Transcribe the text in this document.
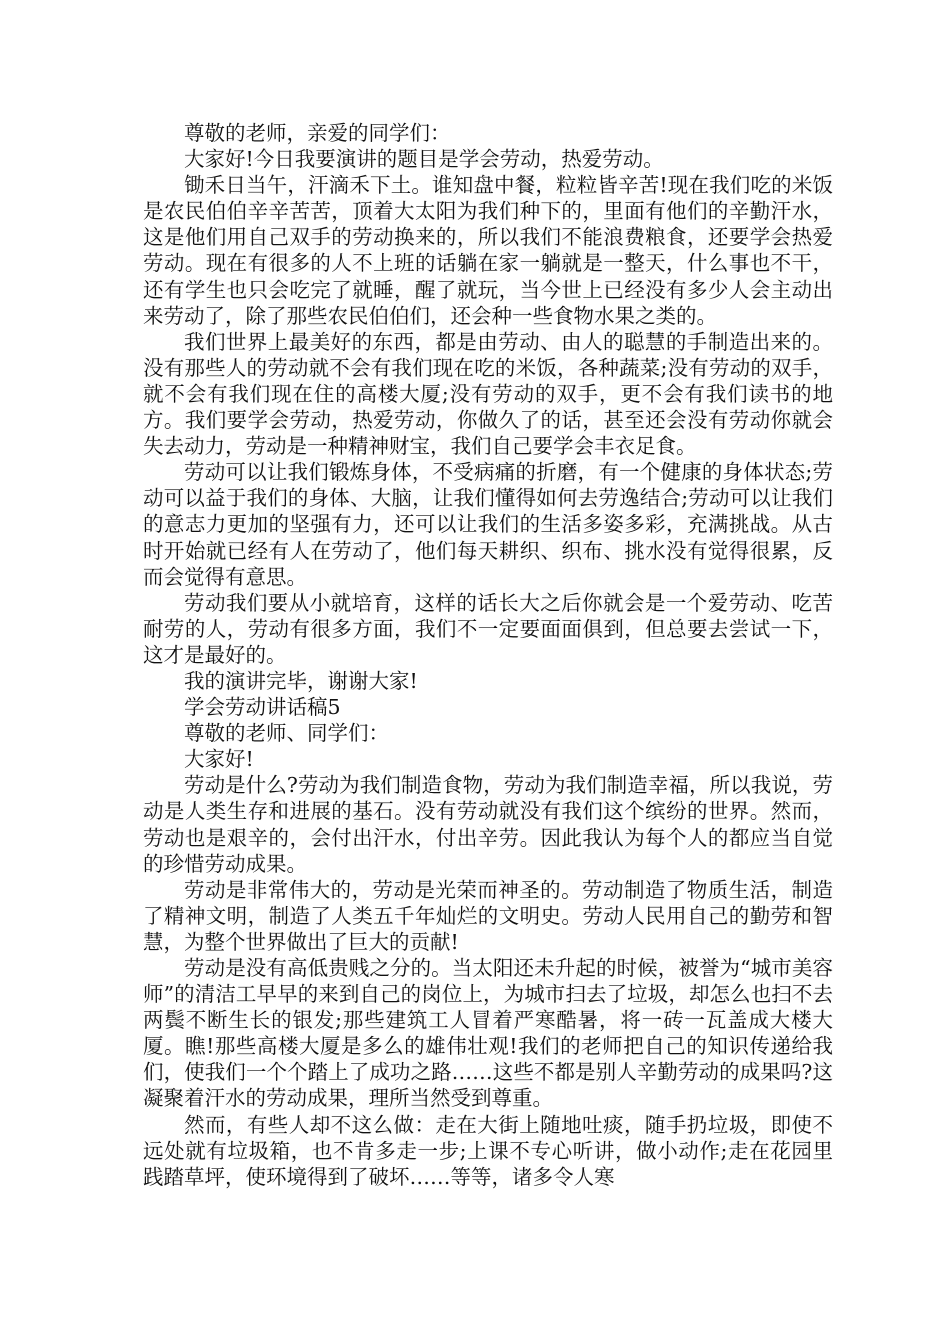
尊敬的老师，亲爱的同学们：

大家好!今日我要演讲的题目是学会劳动，热爱劳动。

锄禾日当午，汗滴禾下土。谁知盘中餐，粒粒皆辛苦!现在我们吃的米饭是农民伯伯辛辛苦苦，顶着大太阳为我们种下的，里面有他们的辛勤汗水，这是他们用自己双手的劳动换来的，所以我们不能浪费粮食，还要学会热爱劳动。现在有很多的人不上班的话躺在家一躺就是一整天，什么事也不干，还有学生也只会吃完了就睡，醒了就玩，当今世上已经没有多少人会主动出来劳动了，除了那些农民伯伯们，还会种一些食物水果之类的。

我们世界上最美好的东西，都是由劳动、由人的聪慧的手制造出来的。没有那些人的劳动就不会有我们现在吃的米饭，各种蔬菜;没有劳动的双手，就不会有我们现在住的高楼大厦;没有劳动的双手，更不会有我们读书的地方。我们要学会劳动，热爱劳动，你做久了的话，甚至还会没有劳动你就会失去动力，劳动是一种精神财宝，我们自己要学会丰衣足食。

劳动可以让我们锻炼身体，不受病痛的折磨，有一个健康的身体状态;劳动可以益于我们的身体、大脑，让我们懂得如何去劳逸结合;劳动可以让我们的意志力更加的坚强有力，还可以让我们的生活多姿多彩，充满挑战。从古时开始就已经有人在劳动了，他们每天耕织、织布、挑水没有觉得很累，反而会觉得有意思。

劳动我们要从小就培育，这样的话长大之后你就会是一个爱劳动、吃苦耐劳的人，劳动有很多方面，我们不一定要面面俱到，但总要去尝试一下，这才是最好的。

我的演讲完毕，谢谢大家!

学会劳动讲话稿5

尊敬的老师、同学们：

大家好!

劳动是什么?劳动为我们制造食物，劳动为我们制造幸福，所以我说，劳动是人类生存和进展的基石。没有劳动就没有我们这个缤纷的世界。然而，劳动也是艰辛的，会付出汗水，付出辛劳。因此我认为每个人的都应当自觉的珍惜劳动成果。

劳动是非常伟大的，劳动是光荣而神圣的。劳动制造了物质生活，制造了精神文明，制造了人类五千年灿烂的文明史。劳动人民用自己的勤劳和智慧，为整个世界做出了巨大的贡献!

劳动是没有高低贵贱之分的。当太阳还未升起的时候，被誉为“城市美容师”的清洁工早早的来到自己的岗位上，为城市扫去了垃圾，却怎么也扫不去两鬓不断生长的银发;那些建筑工人冒着严寒酷暑，将一砖一瓦盖成大楼大厦。瞧!那些高楼大厦是多么的雄伟壮观!我们的老师把自己的知识传递给我们，使我们一个个踏上了成功之路……这些不都是别人辛勤劳动的成果吗?这凝聚着汗水的劳动成果，理所当然受到尊重。

然而，有些人却不这么做：走在大街上随地吐痰，随手扔垃圾，即使不远处就有垃圾箱，也不肯多走一步;上课不专心听讲，做小动作;走在花园里践踏草坪，使环境得到了破坏……等等，诸多令人寒
